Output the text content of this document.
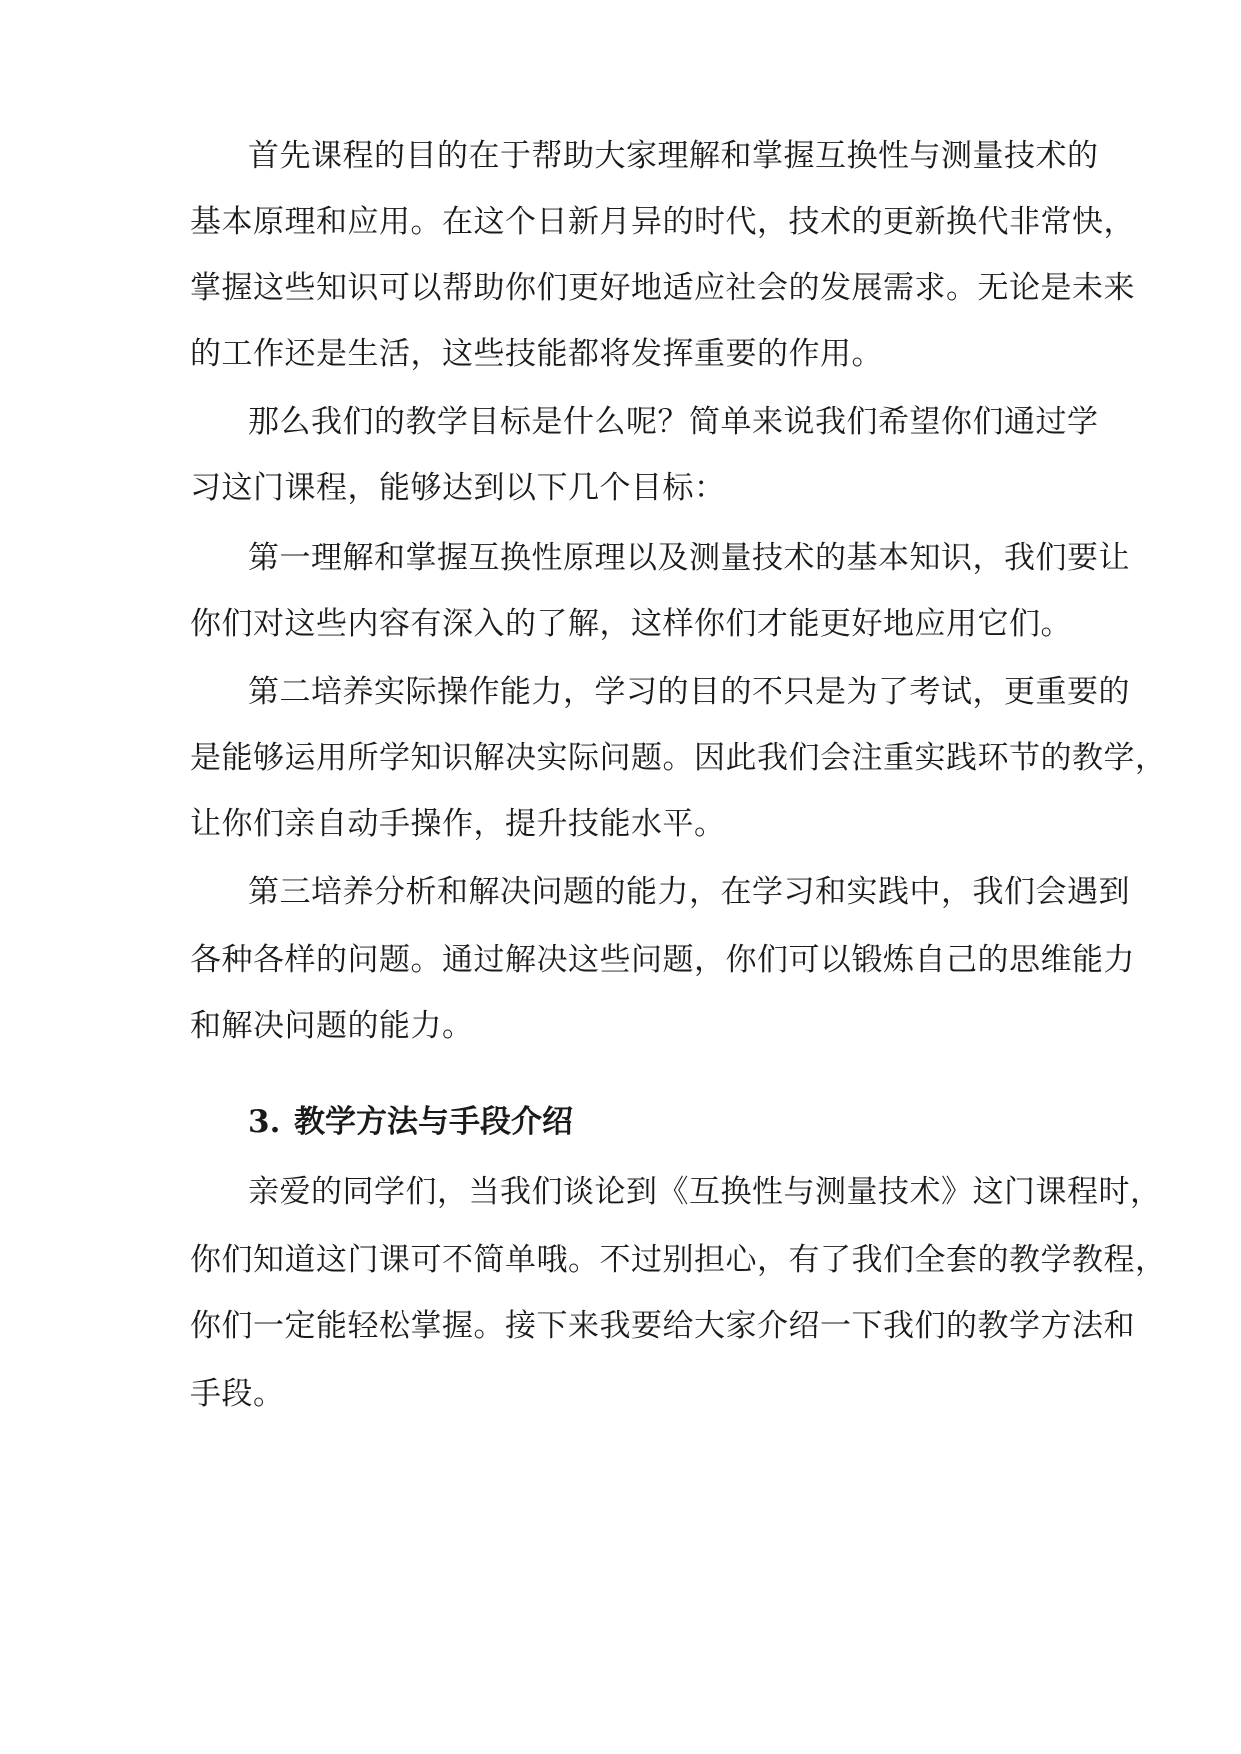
首先课程的目的在于帮助大家理解和掌握互换性与测量技术的
基本原理和应用。在这个日新月异的时代，技术的更新换代非常快，
掌握这些知识可以帮助你们更好地适应社会的发展需求。无论是未来
的工作还是生活，这些技能都将发挥重要的作用。
那么我们的教学目标是什么呢？简单来说我们希望你们通过学
习这门课程，能够达到以下几个目标：
第一理解和掌握互换性原理以及测量技术的基本知识，我们要让
你们对这些内容有深入的了解，这样你们才能更好地应用它们。
第二培养实际操作能力，学习的目的不只是为了考试，更重要的
是能够运用所学知识解决实际问题。因此我们会注重实践环节的教学，
让你们亲自动手操作，提升技能水平。
第三培养分析和解决问题的能力，在学习和实践中，我们会遇到
各种各样的问题。通过解决这些问题，你们可以锻炼自己的思维能力
和解决问题的能力。
3. 教学方法与手段介绍
亲爱的同学们，当我们谈论到《互换性与测量技术》这门课程时，
你们知道这门课可不简单哦。不过别担心，有了我们全套的教学教程，
你们一定能轻松掌握。接下来我要给大家介绍一下我们的教学方法和
手段。
